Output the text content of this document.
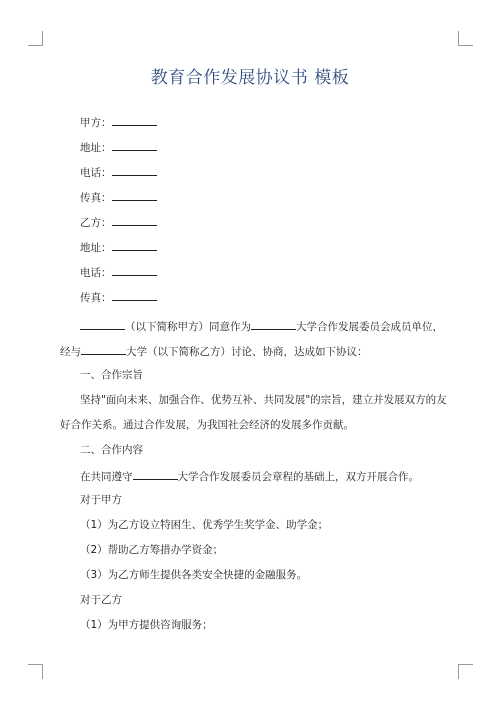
教育合作发展协议书 模板
甲方：
地址：
电话：
传真：
乙方：
地址：
电话：
传真：
（以下简称甲方）同意作为	大学合作发展委员会成员单位，
经与	大学（以下简称乙方）讨论、协商，达成如下协议：
一、合作宗旨
坚持"面向未来、加强合作、优势互补、共同发展"的宗旨，建立并发展双方的友
好合作关系。通过合作发展，为我国社会经济的发展多作贡献。
二、合作内容
在共同遵守	大学合作发展委员会章程的基础上，双方开展合作。
对于甲方
（1）为乙方设立特困生、优秀学生奖学金、助学金；
（2）帮助乙方筹措办学资金；
（3）为乙方师生提供各类安全快捷的金融服务。
对于乙方
（1）为甲方提供咨询服务；
